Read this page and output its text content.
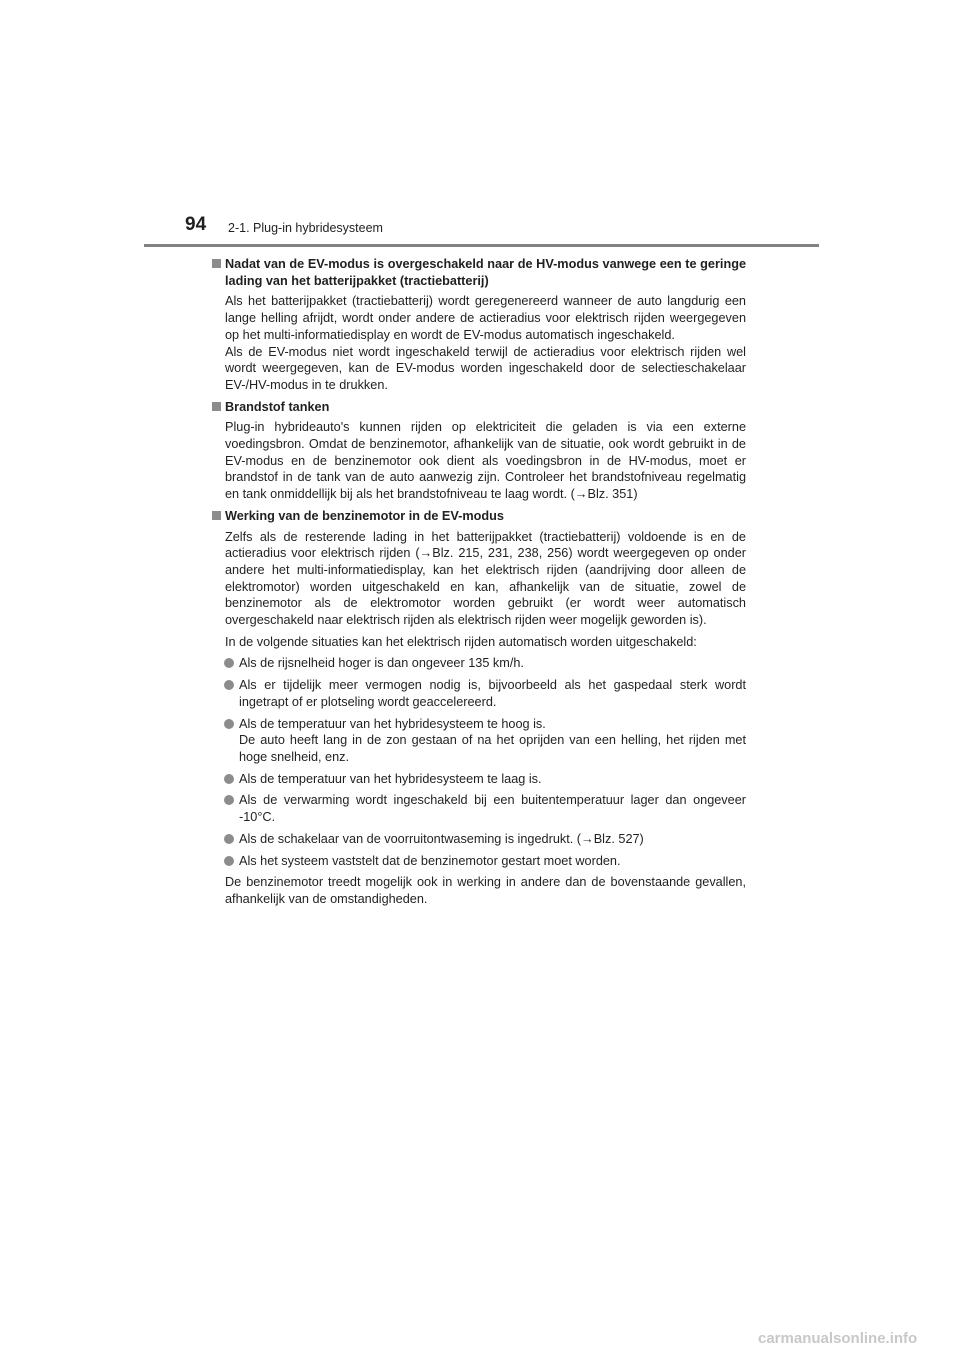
94 2-1. Plug-in hybridesysteem
Nadat van de EV-modus is overgeschakeld naar de HV-modus vanwege een te geringe lading van het batterijpakket (tractiebatterij)

Als het batterijpakket (tractiebatterij) wordt geregenereerd wanneer de auto langdurig een lange helling afrijdt, wordt onder andere de actieradius voor elektrisch rijden weergegeven op het multi-informatiedisplay en wordt de EV-modus automatisch ingeschakeld.
Als de EV-modus niet wordt ingeschakeld terwijl de actieradius voor elektrisch rijden wel wordt weergegeven, kan de EV-modus worden ingeschakeld door de selectieschakelaar EV-/HV-modus in te drukken.

Brandstof tanken

Plug-in hybrideauto's kunnen rijden op elektriciteit die geladen is via een externe voedingsbron. Omdat de benzinemotor, afhankelijk van de situatie, ook wordt gebruikt in de EV-modus en de benzinemotor ook dient als voedingsbron in de HV-modus, moet er brandstof in de tank van de auto aanwezig zijn. Controleer het brandstofniveau regelmatig en tank onmiddellijk bij als het brandstofniveau te laag wordt. (→Blz. 351)

Werking van de benzinemotor in de EV-modus

Zelfs als de resterende lading in het batterijpakket (tractiebatterij) voldoende is en de actieradius voor elektrisch rijden (→Blz. 215, 231, 238, 256) wordt weergegeven op onder andere het multi-informatiedisplay, kan het elektrisch rijden (aandrijving door alleen de elektromotor) worden uitgeschakeld en kan, afhankelijk van de situatie, zowel de benzinemotor als de elektromotor worden gebruikt (er wordt weer automatisch overgeschakeld naar elektrisch rijden als elektrisch rijden weer mogelijk geworden is).

In de volgende situaties kan het elektrisch rijden automatisch worden uitgeschakeld:

Als de rijsnelheid hoger is dan ongeveer 135 km/h.
Als er tijdelijk meer vermogen nodig is, bijvoorbeeld als het gaspedaal sterk wordt ingetrapt of er plotseling wordt geaccelereerd.
Als de temperatuur van het hybridesysteem te hoog is.
De auto heeft lang in de zon gestaan of na het oprijden van een helling, het rijden met hoge snelheid, enz.
Als de temperatuur van het hybridesysteem te laag is.
Als de verwarming wordt ingeschakeld bij een buitentemperatuur lager dan ongeveer -10°C.
Als de schakelaar van de voorruitontwaseming is ingedrukt. (→Blz. 527)
Als het systeem vaststelt dat de benzinemotor gestart moet worden.

De benzinemotor treedt mogelijk ook in werking in andere dan de bovenstaande gevallen, afhankelijk van de omstandigheden.

carmanualsonline.info
